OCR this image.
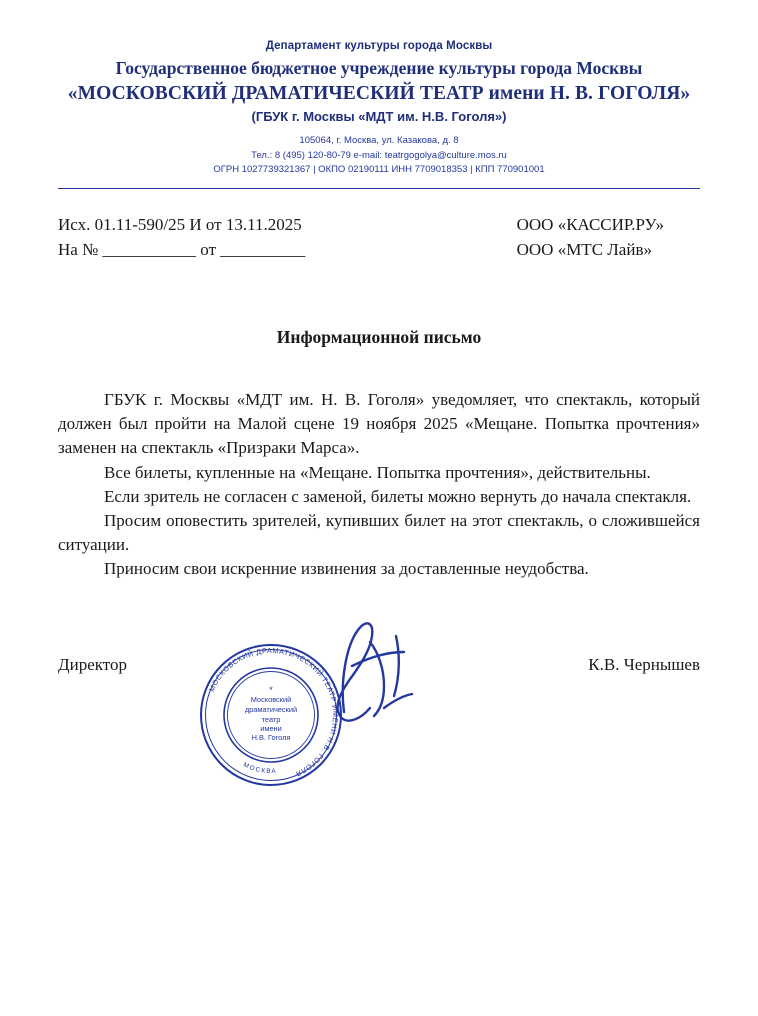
Департамент культуры города Москвы
Государственное бюджетное учреждение культуры города Москвы
«МОСКОВСКИЙ ДРАМАТИЧЕСКИЙ ТЕАТР имени Н. В. ГОГОЛЯ»
(ГБУК г. Москвы «МДТ им. Н.В. Гоголя»)
105064, г. Москва, ул. Казакова, д. 8
Тел.: 8 (495) 120-80-79 e-mail: teatrgogolya@culture.mos.ru
ОГРН 1027739321367 | ОКПО 02190111 ИНН 7709018353 | КПП 770901001
Исх. 01.11-590/25 И от 13.11.2025
На № ___________ от __________
ООО «КАССИР.РУ»
ООО «МТС Лайв»
Информационной письмо

ГБУК г. Москвы «МДТ им. Н. В. Гоголя» уведомляет, что спектакль, который должен был пройти на Малой сцене 19 ноября 2025 «Мещане. Попытка прочтения» заменен на спектакль «Призраки Марса».

Все билеты, купленные на «Мещане. Попытка прочтения», действительны.

Если зритель не согласен с заменой, билеты можно вернуть до начала спектакля.

Просим оповестить зрителей, купивших билет на этот спектакль, о сложившейся ситуации.

Приносим свои искренние извинения за доставленные неудобства.

Директор	К.В. Чернышев
МОСКОВСКИЙ ДРАМАТИЧЕСКИЙ ТЕАТР ИМЕНИ Н.В. ГОГОЛЯ
МОСКВА
Московский
драматический
театр
имени
Н.В. Гоголя
*
